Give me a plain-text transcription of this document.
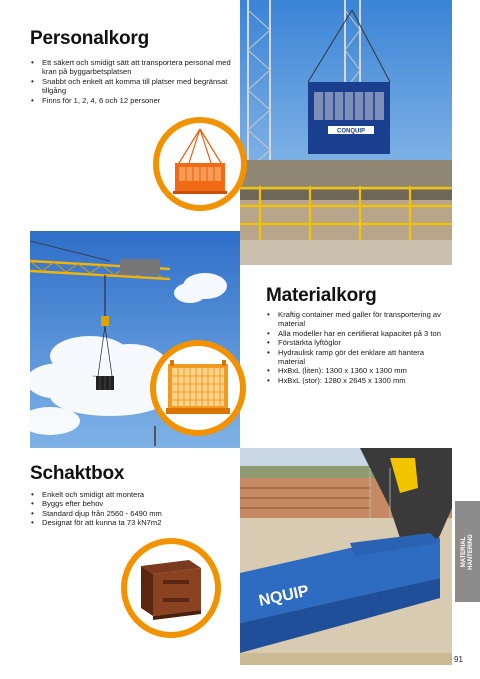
Personalkorg
• Ett säkert och smidigt sätt att transportera personal med kran på byggarbetsplatsen
• Snabbt och enkelt att komma till platser med begränsat tillgång
• Finns för 1, 2, 4, 6 och 12 personer
CONQUIP
Materialkorg
• Kraftig container med galler för transportering av material
• Alla modeller har en certifierat kapacitet på 3 ton
• Förstärkta lyftöglor
• Hydraulisk ramp gör det enklare att hantera material
• HxBxL (liten): 1300 x 1360 x 1300 mm
• HxBxL (stor): 1280 x 2645 x 1300 mm
Schaktbox
• Enkelt och smidigt att montera
• Byggs efter behov
• Standard djup från 2560 - 6490 mm
• Designat för att kunna ta 73 kN7m2
NQUIP
MATERIAL HANTERING
91
